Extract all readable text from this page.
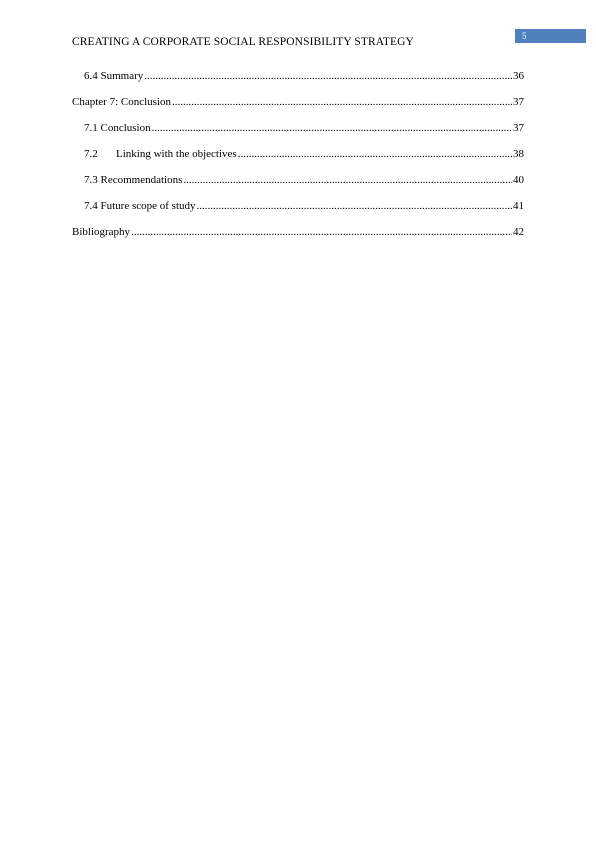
CREATING A CORPORATE SOCIAL RESPONSIBILITY STRATEGY	5
6.4 Summary .....	36
Chapter 7: Conclusion .....	37
7.1 Conclusion .....	37
7.2	Linking with the objectives .....	38
7.3 Recommendations .....	40
7.4 Future scope of study .....	41
Bibliography .....	42
